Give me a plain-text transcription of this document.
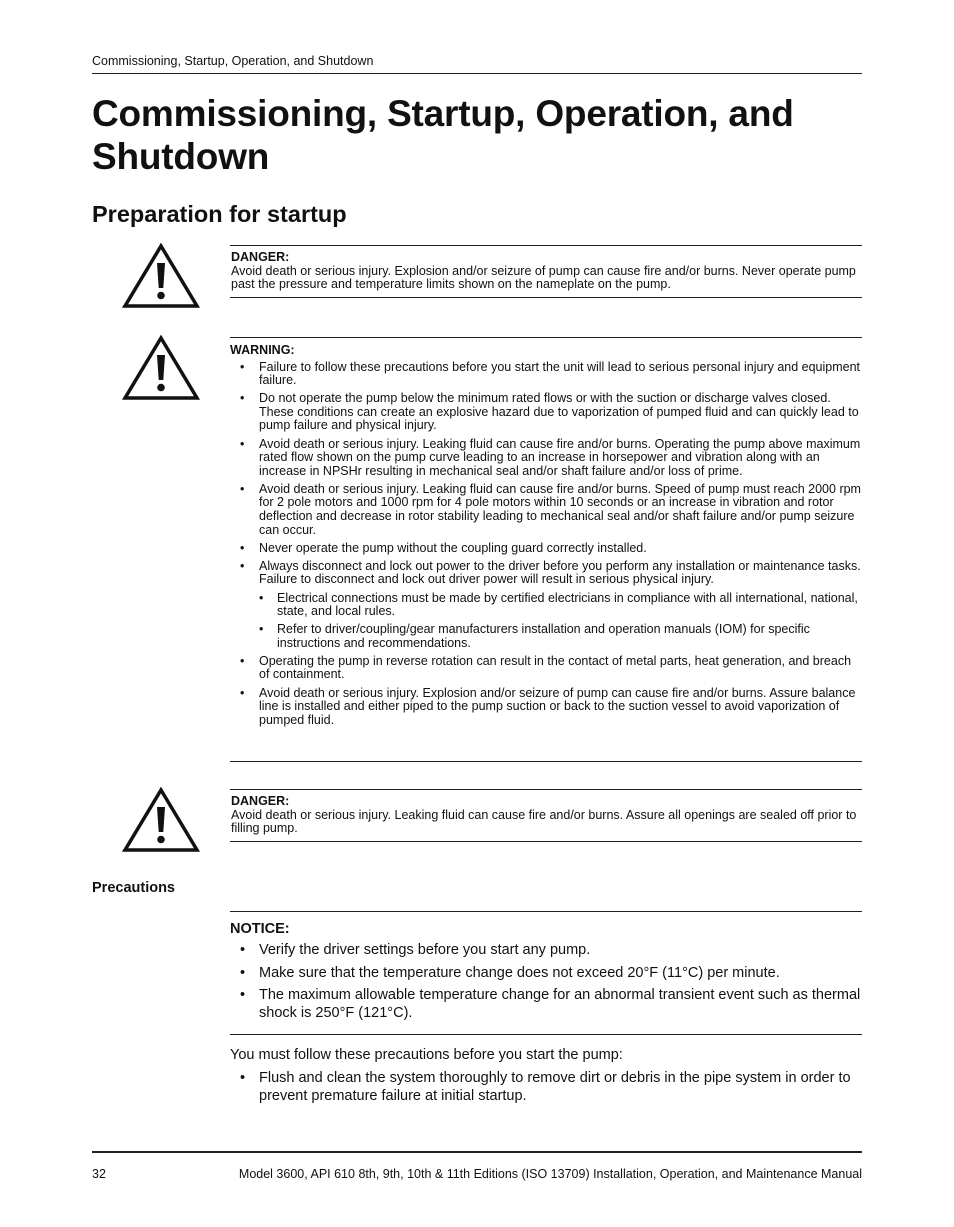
Commissioning, Startup, Operation, and Shutdown
Commissioning, Startup, Operation, and Shutdown
Preparation for startup
DANGER:

Avoid death or serious injury. Explosion and/or seizure of pump can cause fire and/or burns. Never operate pump past the pressure and temperature limits shown on the nameplate on the pump.

WARNING:
• Failure to follow these precautions before you start the unit will lead to serious personal injury and equipment failure.
• Do not operate the pump below the minimum rated flows or with the suction or discharge valves closed. These conditions can create an explosive hazard due to vaporization of pumped fluid and can quickly lead to pump failure and physical injury.
• Avoid death or serious injury. Leaking fluid can cause fire and/or burns. Operating the pump above maximum rated flow shown on the pump curve leading to an increase in horsepower and vibration along with an increase in NPSHr resulting in mechanical seal and/or shaft failure and/or loss of prime.
• Avoid death or serious injury. Leaking fluid can cause fire and/or burns. Speed of pump must reach 2000 rpm for 2 pole motors and 1000 rpm for 4 pole motors within 10 seconds or an increase in vibration and rotor deflection and decrease in rotor stability leading to mechanical seal and/or shaft failure and/or pump seizure can occur.
• Never operate the pump without the coupling guard correctly installed.
• Always disconnect and lock out power to the driver before you perform any installation or maintenance tasks. Failure to disconnect and lock out driver power will result in serious physical injury.
• Electrical connections must be made by certified electricians in compliance with all international, national, state, and local rules.
• Refer to driver/coupling/gear manufacturers installation and operation manuals (IOM) for specific instructions and recommendations.
• Operating the pump in reverse rotation can result in the contact of metal parts, heat generation, and breach of containment.
• Avoid death or serious injury. Explosion and/or seizure of pump can cause fire and/or burns. Assure balance line is installed and either piped to the pump suction or back to the suction vessel to avoid vaporization of pumped fluid.
DANGER:

Avoid death or serious injury. Leaking fluid can cause fire and/or burns. Assure all openings are sealed off prior to filling pump.

Precautions
NOTICE:
• Verify the driver settings before you start any pump.
• Make sure that the temperature change does not exceed 20°F (11°C) per minute.
• The maximum allowable temperature change for an abnormal transient event such as thermal shock is 250°F (121°C).

You must follow these precautions before you start the pump:

• Flush and clean the system thoroughly to remove dirt or debris in the pipe system in order to prevent premature failure at initial startup.
32	Model 3600, API 610 8th, 9th, 10th & 11th Editions (ISO 13709) Installation, Operation, and Maintenance Manual
